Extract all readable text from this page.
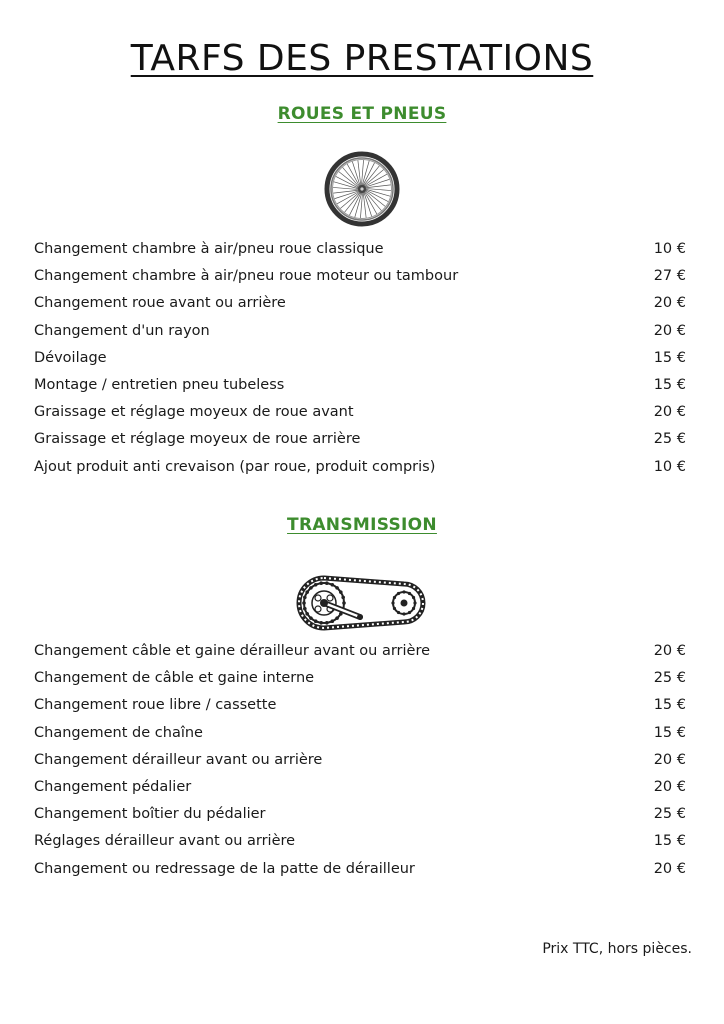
TARFS DES PRESTATIONS
ROUES ET PNEUS
Changement chambre à air/pneu roue classique	10 €
Changement chambre à air/pneu roue moteur ou tambour	27 €
Changement roue avant ou arrière	20 €
Changement d'un rayon	20 €
Dévoilage	15 €
Montage / entretien pneu tubeless	15 €
Graissage et réglage moyeux de roue avant	20 €
Graissage et réglage moyeux de roue arrière	25 €
Ajout produit anti crevaison (par roue, produit compris)	10 €
TRANSMISSION
Changement câble et gaine dérailleur avant ou arrière	20 €
Changement de câble et gaine interne	25 €
Changement roue libre / cassette	15 €
Changement de chaîne	15 €
Changement dérailleur avant ou arrière	20 €
Changement pédalier	20 €
Changement boîtier du pédalier	25 €
Réglages dérailleur avant ou arrière	15 €
Changement ou redressage de la patte de dérailleur	20 €

Prix TTC, hors pièces.
